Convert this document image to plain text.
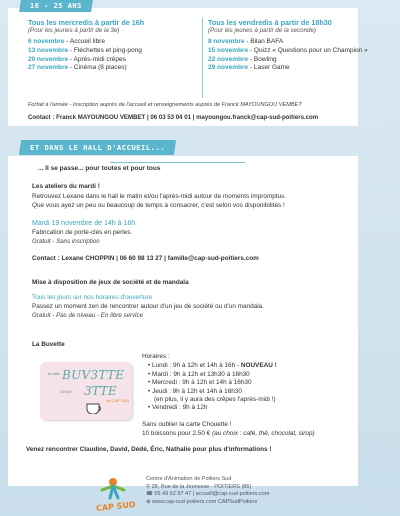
Tous les mercredis à partir de 16h
(Pour les jeunes à partir de la 3e)
6 novembre - Accueil libre
13 novembre - Fléchettes et ping-pong
20 novembre - Après-midi crêpes
27 novembre - Cinéma (8 places)
Tous les vendredis à partir de 18h30
(Pour les jeunes à partir de la seconde)
8 novembre - Bilan BAFA
15 novembre - Quizz « Questions pour un Champion »
22 novembre - Bowling
29 novembre - Laser Game
Forfait à l'année - Inscription auprès de l'accueil et renseignements auprès de Franck MAYOUNGOU VEMBET
Contact : Franck MAYOUNGOU VEMBET | 06 03 53 04 01 | mayoungou.franck@cap-sud-poitiers.com
16 - 25 ANS
ET DANS LE HALL D'ACCUEIL...
... Il se passe... pour toutes et pour tous
Les ateliers du mardi !
Retrouvez Lexane dans le hall le matin et/ou l'après-midi autour de moments impromptus.
Que vous ayez un peu ou beaucoup de temps à consacrer, c'est selon vos disponibilités !
Mardi 19 novembre de 14h à 16h
Fabrication de porte-clés en perles.
Gratuit - Sans inscription
Contact : Lexane CHOPPIN | 06 60 98 13 27 | famille@cap-sud-poitiers.com
Mise à disposition de jeux de société et de mandala
Tous les jours sur nos horaires d'ouverture
Passez un moment zen de rencontrer autour d'un jeu de société ou d'un mandala.
Gratuit - Pas de niveau - En libre service
La Buvette
le café BUV3TTE
CHOU 3TTE
de CAP SUD
Horaires :
• Lundi : 9h à 12h et 14h à 16h - NOUVEAU !
• Mardi : 9h à 12h et 13h30 à 16h30
• Mercredi : 9h à 12h et 14h à 16h30
• Jeudi : 9h à 12h et 14h à 16h30
(en plus, il y aura des crêpes l'après-midi !)
• Vendredi : 9h à 12h
Sans oublier la carte Chouette !
10 boissons pour 2.50 € (au choix : café, thé, chocolat, sirop)
Venez rencontrer Claudine, David, Dédé, Éric, Nathalie pour plus d'informations !
CAP SUD
Centre d'Animation de Poitiers Sud
⚲ 28, Rue de la Jeunesse - POITIERS (86)
☎ 05 49 62 97 47 | accueil@cap-sud-poitiers.com
⊕ www.cap-sud-poitiers.com CAPSudPoitiers
